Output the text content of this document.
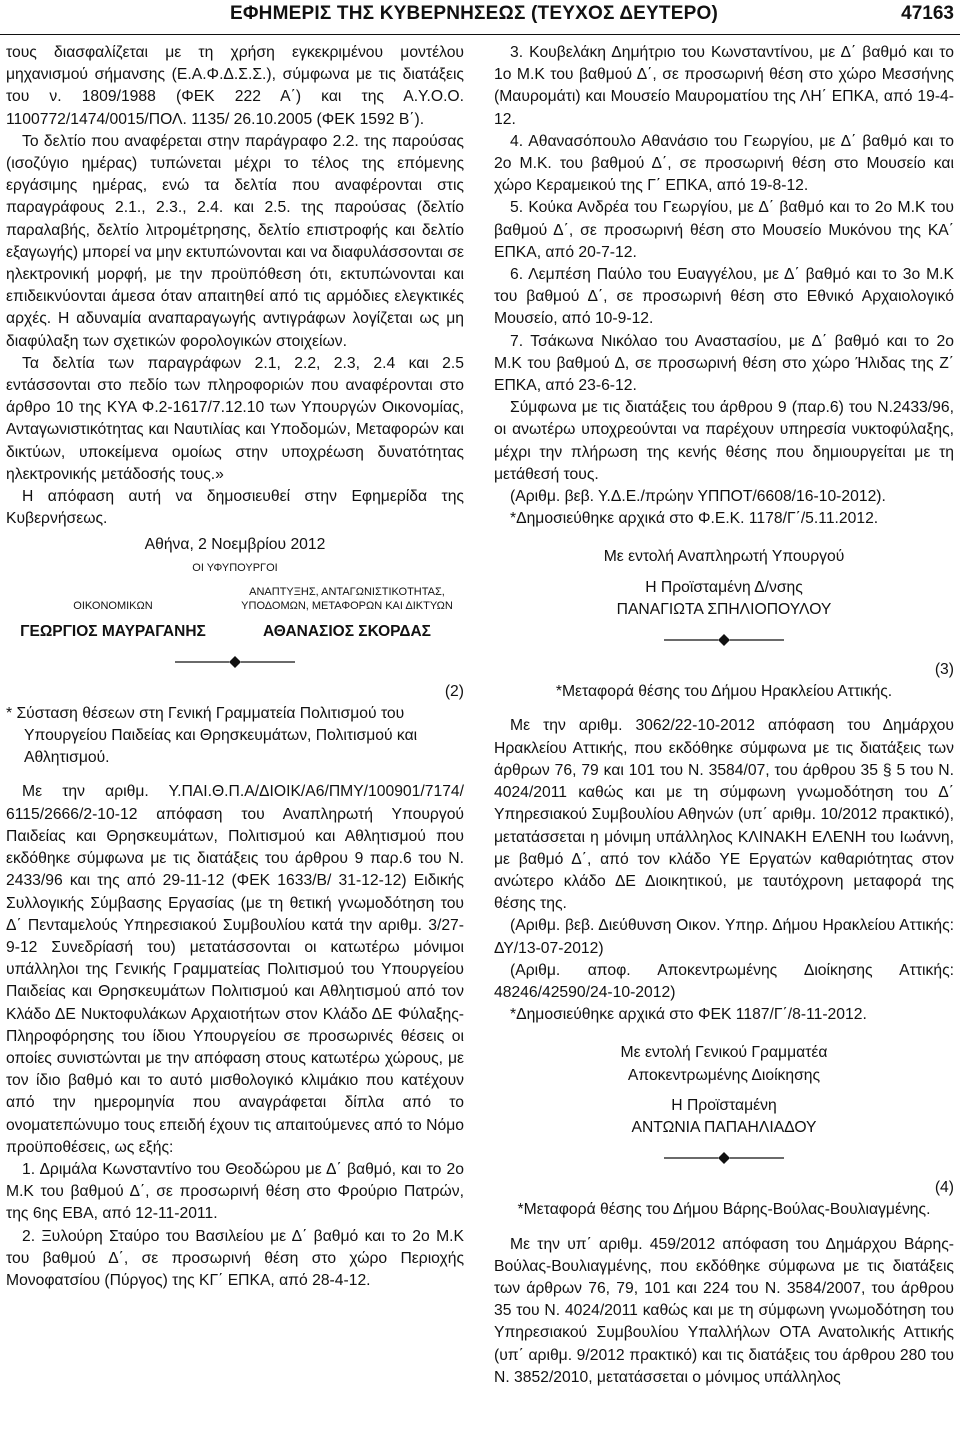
ΕΦΗΜΕΡΙΣ ΤΗΣ ΚΥΒΕΡΝΗΣΕΩΣ (ΤΕΥΧΟΣ ΔΕΥΤΕΡΟ)	47163

τους διασφαλίζεται με τη χρήση εγκεκριμένου μοντέλου μηχανισμού σήμανσης (Ε.Α.Φ.Δ.Σ.Σ.), σύμφωνα με τις διατάξεις του ν. 1809/1988 (ΦΕΚ 222 Α΄) και της Α.Υ.Ο.Ο. 1100772/1474/0015/ΠΟΛ. 1135/ 26.10.2005 (ΦΕΚ 1592 Β΄).

Το δελτίο που αναφέρεται στην παράγραφο 2.2. της παρούσας (ισοζύγιο ημέρας) τυπώνεται μέχρι το τέλος της επόμενης εργάσιμης ημέρας, ενώ τα δελτία που αναφέρονται στις παραγράφους 2.1., 2.3., 2.4. και 2.5. της παρούσας (δελτίο παραλαβής, δελτίο λιτρομέτρησης, δελτίο επιστροφής και δελτίο εξαγωγής) μπορεί να μην εκτυπώνονται και να διαφυλάσσονται σε ηλεκτρονική μορφή, με την προϋπόθεση ότι, εκτυπώνονται και επιδεικνύονται άμεσα όταν απαιτηθεί από τις αρμόδιες ελεγκτικές αρχές. Η αδυναμία αναπαραγωγής αντιγράφων λογίζεται ως μη διαφύλαξη των σχετικών φορολογικών στοιχείων.

Τα δελτία των παραγράφων 2.1, 2.2, 2.3, 2.4 και 2.5 εντάσσονται στο πεδίο των πληροφοριών που αναφέρονται στο άρθρο 10 της ΚΥΑ Φ.2-1617/7.12.10 των Υπουργών Οικονομίας, Ανταγωνιστικότητας και Ναυτιλίας και Υποδομών, Μεταφορών και δικτύων, υποκείμενα ομοίως στην υποχρέωση δυνατότητας ηλεκτρονικής μετάδοσής τους.»

Η απόφαση αυτή να δημοσιευθεί στην Εφημερίδα της Κυβερνήσεως.

Αθήνα, 2 Νοεμβρίου 2012

ΟΙ ΥΦΥΠΟΥΡΓΟΙ

ΟΙΚΟΝΟΜΙΚΩΝ
ΓΕΩΡΓΙΟΣ ΜΑΥΡΑΓΑΝΗΣ
ΑΝΑΠΤΥΞΗΣ, ΑΝΤΑΓΩΝΙΣΤΙΚΟΤΗΤΑΣ,
ΥΠΟΔΟΜΩΝ, ΜΕΤΑΦΟΡΩΝ ΚΑΙ ΔΙΚΤΥΩΝ
ΑΘΑΝΑΣΙΟΣ ΣΚΟΡΔΑΣ

(2)

* Σύσταση θέσεων στη Γενική Γραμματεία Πολιτισμού του Υπουργείου Παιδείας και Θρησκευμάτων, Πολιτισμού και Αθλητισμού.

Με την αριθμ. Υ.ΠΑΙ.Θ.Π.Α/ΔΙΟΙΚ/Α6/ΠΜΥ/100901/7174/ 6115/2666/2-10-12 απόφαση του Αναπληρωτή Υπουργού Παιδείας και Θρησκευμάτων, Πολιτισμού και Αθλητισμού που εκδόθηκε σύμφωνα με τις διατάξεις του άρθρου 9 παρ.6 του Ν. 2433/96 και της από 29-11-12 (ΦΕΚ 1633/Β/ 31-12-12) Ειδικής Συλλογικής Σύμβασης Εργασίας (με τη θετική γνωμοδότηση του Δ΄ Πενταμελούς Υπηρεσιακού Συμβουλίου κατά την αριθμ. 3/27-9-12 Συνεδρίασή του) μετατάσσονται οι κατωτέρω μόνιμοι υπάλληλοι της Γενικής Γραμματείας Πολιτισμού του Υπουργείου Παιδείας και Θρησκευμάτων Πολιτισμού και Αθλητισμού από τον Κλάδο ΔΕ Νυκτοφυλάκων Αρχαιοτήτων στον Κλάδο ΔΕ Φύλαξης-Πληροφόρησης του ίδιου Υπουργείου σε προσωρινές θέσεις οι οποίες συνιστώνται με την απόφαση στους κατωτέρω χώρους, με τον ίδιο βαθμό και το αυτό μισθολογικό κλιμάκιο που κατέχουν από την ημερομηνία που αναγράφεται δίπλα από το ονοματεπώνυμο τους επειδή έχουν τις απαιτούμενες από το Νόμο προϋποθέσεις, ως εξής:

1. Δριμάλα Κωνσταντίνο του Θεοδώρου με Δ΄ βαθμό, και το 2ο Μ.Κ του βαθμού Δ΄, σε προσωρινή θέση στο Φρούριο Πατρών, της 6ης ΕΒΑ, από 12-11-2011.

2. Ξυλούρη Σταύρο του Βασιλείου με Δ΄ βαθμό και το 2ο Μ.Κ του βαθμού Δ΄, σε προσωρινή θέση στο χώρο Περιοχής Μονοφατσίου (Πύργος) της ΚΓ΄ ΕΠΚΑ, από 28-4-12.

3. Κουβελάκη Δημήτριο του Κωνσταντίνου, με Δ΄ βαθμό και το 1ο Μ.Κ του βαθμού Δ΄, σε προσωρινή θέση στο χώρο Μεσσήνης (Μαυρομάτι) και Μουσείο Μαυροματίου της ΛΗ΄ ΕΠΚΑ, από 19-4-12.

4. Αθανασόπουλο Αθανάσιο του Γεωργίου, με Δ΄ βαθμό και το 2ο Μ.Κ. του βαθμού Δ΄, σε προσωρινή θέση στο Μουσείο και χώρο Κεραμεικού της Γ΄ ΕΠΚΑ, από 19-8-12.

5. Κούκα Ανδρέα του Γεωργίου, με Δ΄ βαθμό και το 2ο Μ.Κ του βαθμού Δ΄, σε προσωρινή θέση στο Μουσείο Μυκόνου της ΚΑ΄ ΕΠΚΑ, από 20-7-12.

6. Λεμπέση Παύλο του Ευαγγέλου, με Δ΄ βαθμό και το 3ο Μ.Κ του βαθμού Δ΄, σε προσωρινή θέση στο Εθνικό Αρχαιολογικό Μουσείο, από 10-9-12.

7. Τσάκωνα Νικόλαο του Αναστασίου, με Δ΄ βαθμό και το 2ο Μ.Κ του βαθμού Δ, σε προσωρινή θέση στο χώρο Ήλιδας της Ζ΄ ΕΠΚΑ, από 23-6-12.

Σύμφωνα με τις διατάξεις του άρθρου 9 (παρ.6) του Ν.2433/96, οι ανωτέρω υποχρεούνται να παρέχουν υπηρεσία νυκτοφύλαξης, μέχρι την πλήρωση της κενής θέσης που δημιουργείται με τη μετάθεσή τους.

(Αριθμ. βεβ. Υ.Δ.Ε./πρώην ΥΠΠΟΤ/6608/16-10-2012).

*Δημοσιεύθηκε αρχικά στο Φ.Ε.Κ. 1178/Γ΄/5.11.2012.

Με εντολή Αναπληρωτή Υπουργού

Η Προϊσταμένη Δ/νσης

ΠΑΝΑΓΙΩΤΑ ΣΠΗΛΙΟΠΟΥΛΟΥ

(3)

*Μεταφορά θέσης του Δήμου Ηρακλείου Αττικής.

Με την αριθμ. 3062/22-10-2012 απόφαση του Δημάρχου Ηρακλείου Αττικής, που εκδόθηκε σύμφωνα με τις διατάξεις των άρθρων 76, 79 και 101 του Ν. 3584/07, του άρθρου 35 § 5 του Ν. 4024/2011 καθώς και με τη σύμφωνη γνωμοδότηση του Δ΄ Υπηρεσιακού Συμβουλίου Αθηνών (υπ΄ αριθμ. 10/2012 πρακτικό), μετατάσσεται η μόνιμη υπάλληλος ΚΛΙΝΑΚΗ ΕΛΕΝΗ του Ιωάννη, με βαθμό Δ΄, από τον κλάδο ΥΕ Εργατών καθαριότητας στον ανώτερο κλάδο ΔΕ Διοικητικού, με ταυτόχρονη μεταφορά της θέσης της.

(Αριθμ. βεβ. Διεύθυνση Οικον. Υπηρ. Δήμου Ηρακλείου Αττικής: ΔΥ/13-07-2012)

(Αριθμ. αποφ. Αποκεντρωμένης Διοίκησης Αττικής: 48246/42590/24-10-2012)

*Δημοσιεύθηκε αρχικά στο ΦΕΚ 1187/Γ΄/8-11-2012.

Με εντολή Γενικού Γραμματέα

Αποκεντρωμένης Διοίκησης

Η Προϊσταμένη

ΑΝΤΩΝΙΑ ΠΑΠΑΗΛΙΑΔΟΥ

(4)

*Μεταφορά θέσης του Δήμου Βάρης-Βούλας-Βουλιαγμένης.

Με την υπ΄ αριθμ. 459/2012 απόφαση του Δημάρχου Βάρης-Βούλας-Βουλιαγμένης, που εκδόθηκε σύμφωνα με τις διατάξεις των άρθρων 76, 79, 101 και 224 του Ν. 3584/2007, του άρθρου 35 του Ν. 4024/2011 καθώς και με τη σύμφωνη γνωμοδότηση του Υπηρεσιακού Συμβουλίου Υπαλλήλων ΟΤΑ Ανατολικής Αττικής (υπ΄ αριθμ. 9/2012 πρακτικό) και τις διατάξεις του άρθρου 280 του Ν. 3852/2010, μετατάσσεται ο μόνιμος υπάλληλος
